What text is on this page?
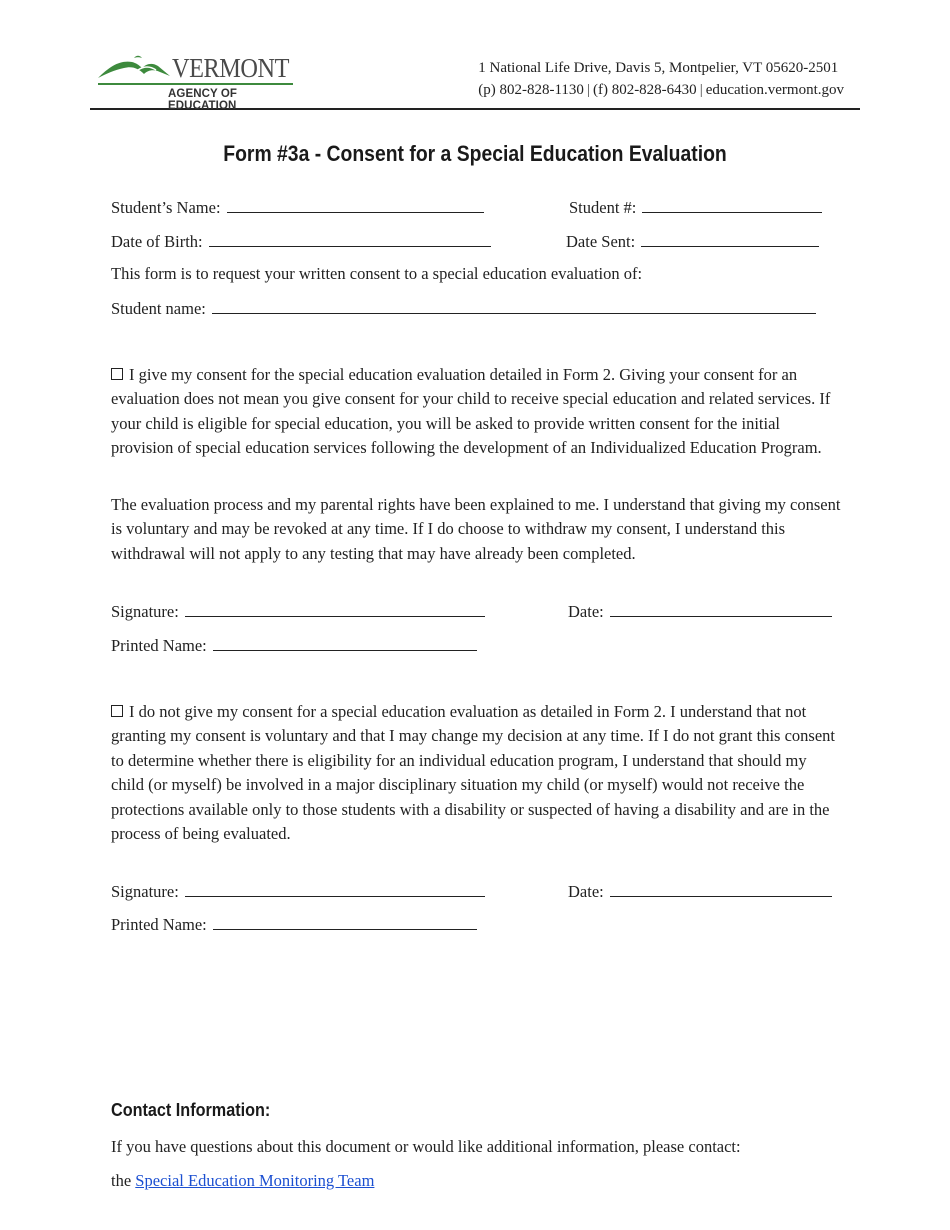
VERMONT
AGENCY OF EDUCATION
1 National Life Drive, Davis 5, Montpelier, VT 05620-2501
(p) 802-828-1130 | (f) 802-828-6430 | education.vermont.gov
Form #3a - Consent for a Special Education Evaluation
Student’s Name:	Student #:
Date of Birth:	Date Sent:
This form is to request your written consent to a special education evaluation of:
Student name:
I give my consent for the special education evaluation detailed in Form 2. Giving your consent for an evaluation does not mean you give consent for your child to receive special education and related services. If your child is eligible for special education, you will be asked to provide written consent for the initial provision of special education services following the development of an Individualized Education Program.
The evaluation process and my parental rights have been explained to me. I understand that giving my consent is voluntary and may be revoked at any time. If I do choose to withdraw my consent, I understand this withdrawal will not apply to any testing that may have already been completed.
Signature:	Date:
Printed Name:
I do not give my consent for a special education evaluation as detailed in Form 2. I understand that not granting my consent is voluntary and that I may change my decision at any time. If I do not grant this consent to determine whether there is eligibility for an individual education program, I understand that should my child (or myself) be involved in a major disciplinary situation my child (or myself) would not receive the protections available only to those students with a disability or suspected of having a disability and are in the process of being evaluated.
Signature:	Date:
Printed Name:
Contact Information:
If you have questions about this document or would like additional information, please contact:
the Special Education Monitoring Team
